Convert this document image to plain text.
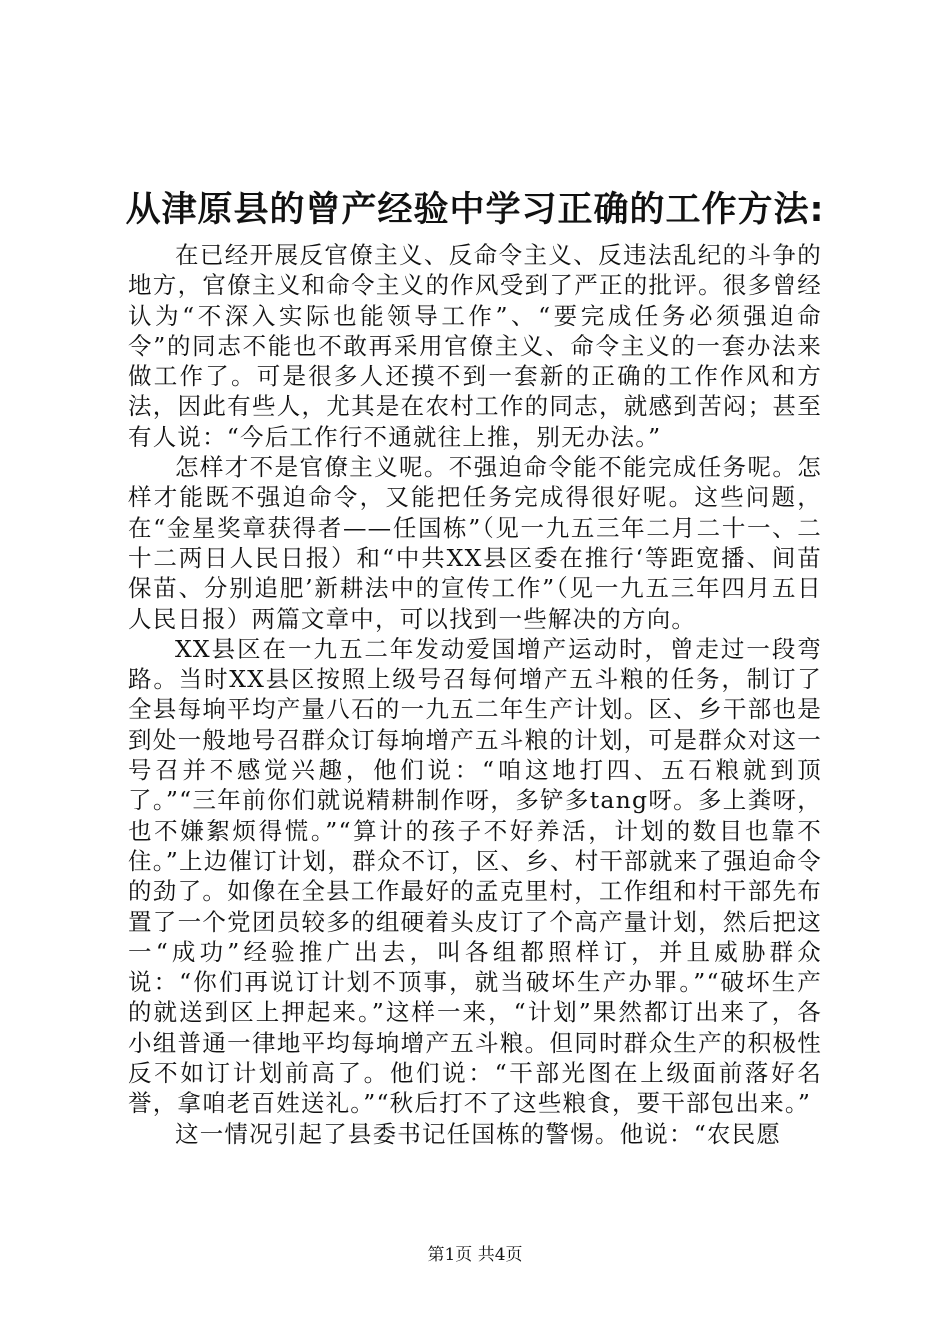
从津原县的曾产经验中学习正确的工作方法:

在已经开展反官僚主义、反命令主义、反违法乱纪的斗争的地方，官僚主义和命令主义的作风受到了严正的批评。很多曾经认为“不深入实际也能领导工作”、“要完成任务必须强迫命令”的同志不能也不敢再采用官僚主义、命令主义的一套办法来做工作了。可是很多人还摸不到一套新的正确的工作作风和方法，因此有些人，尤其是在农村工作的同志，就感到苦闷；甚至有人说：“今后工作行不通就往上推，别无办法。”

怎样才不是官僚主义呢。不强迫命令能不能完成任务呢。怎样才能既不强迫命令，又能把任务完成得很好呢。这些问题，在“金星奖章获得者——任国栋”（见一九五三年二月二十一、二十二两日人民日报）和“中共XX县区委在推行‘等距宽播、间苗保苗、分别追肥’新耕法中的宣传工作”（见一九五三年四月五日人民日报）两篇文章中，可以找到一些解决的方向。

XX县区在一九五二年发动爱国增产运动时，曾走过一段弯路。当时XX县区按照上级号召每何增产五斗粮的任务，制订了全县每垧平均产量八石的一九五二年生产计划。区、乡干部也是到处一般地号召群众订每垧增产五斗粮的计划，可是群众对这一号召并不感觉兴趣，他们说：“咱这地打四、五石粮就到顶了。”“三年前你们就说精耕制作呀，多铲多tang呀。多上粪呀，也不嫌絮烦得慌。”“算计的孩子不好养活，计划的数目也靠不住。”上边催订计划，群众不订，区、乡、村干部就来了强迫命令的劲了。如像在全县工作最好的孟克里村，工作组和村干部先布置了一个党团员较多的组硬着头皮订了个高产量计划，然后把这一“成功”经验推广出去，叫各组都照样订，并且威胁群众说：“你们再说订计划不顶事，就当破坏生产办罪。”“破坏生产的就送到区上押起来。”这样一来，“计划”果然都订出来了，各小组普通一律地平均每垧增产五斗粮。但同时群众生产的积极性反不如订计划前高了。他们说：“干部光图在上级面前落好名誉，拿咱老百姓送礼。”“秋后打不了这些粮食，要干部包出来。”

这一情况引起了县委书记任国栋的警惕。他说：“农民愿

第1页 共4页
